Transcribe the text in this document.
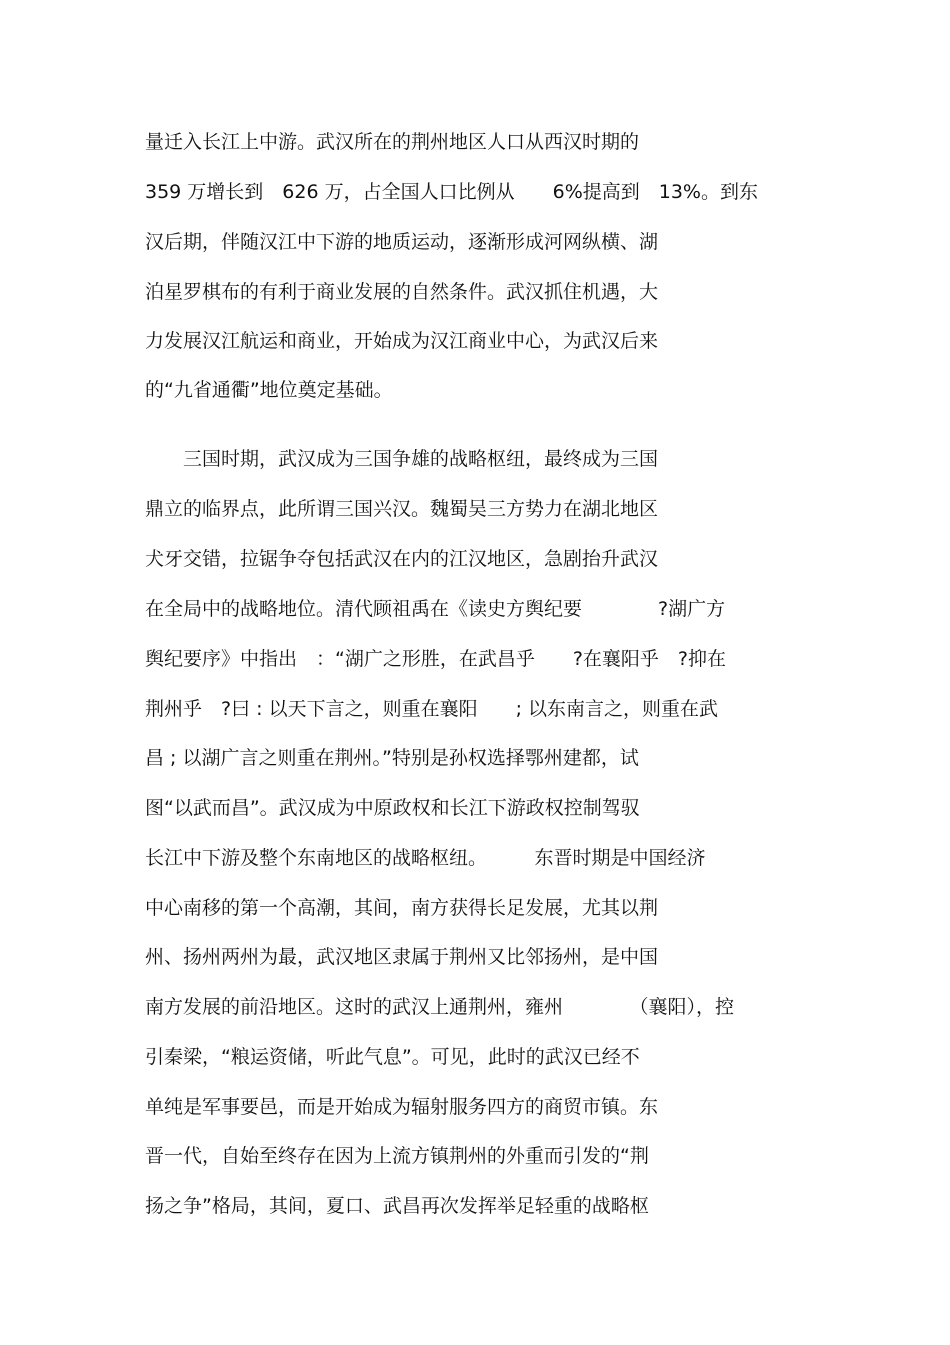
量迁入长江上中游。武汉所在的荆州地区人口从西汉时期的
359 万增长到　626 万，占全国人口比例从　　6%提高到　13%。到东
汉后期，伴随汉江中下游的地质运动，逐渐形成河网纵横、湖
泊星罗棋布的有利于商业发展的自然条件。武汉抓住机遇，大
力发展汉江航运和商业，开始成为汉江商业中心，为武汉后来
的“九省通衢”地位奠定基础。
　　三国时期，武汉成为三国争雄的战略枢纽，最终成为三国
鼎立的临界点，此所谓三国兴汉。魏蜀吴三方势力在湖北地区
犬牙交错，拉锯争夺包括武汉在内的江汉地区，急剧抬升武汉
在全局中的战略地位。清代顾祖禹在《读史方舆纪要　　　　?湖广方
舆纪要序》中指出　：“湖广之形胜，在武昌乎　　?在襄阳乎　?抑在
荆州乎　?曰 : 以天下言之，则重在襄阳　　; 以东南言之，则重在武
昌 ; 以湖广言之则重在荆州。”特别是孙权选择鄂州建都，试
图“以武而昌”。武汉成为中原政权和长江下游政权控制驾驭
长江中下游及整个东南地区的战略枢纽。　　　东晋时期是中国经济
中心南移的第一个高潮，其间，南方获得长足发展，尤其以荆
州、扬州两州为最，武汉地区隶属于荆州又比邻扬州，是中国
南方发展的前沿地区。这时的武汉上通荆州，雍州　　　　（襄阳），控
引秦梁，“粮运资储，听此气息”。可见，此时的武汉已经不
单纯是军事要邑，而是开始成为辐射服务四方的商贸市镇。东
晋一代，自始至终存在因为上流方镇荆州的外重而引发的“荆
扬之争”格局，其间，夏口、武昌再次发挥举足轻重的战略枢
